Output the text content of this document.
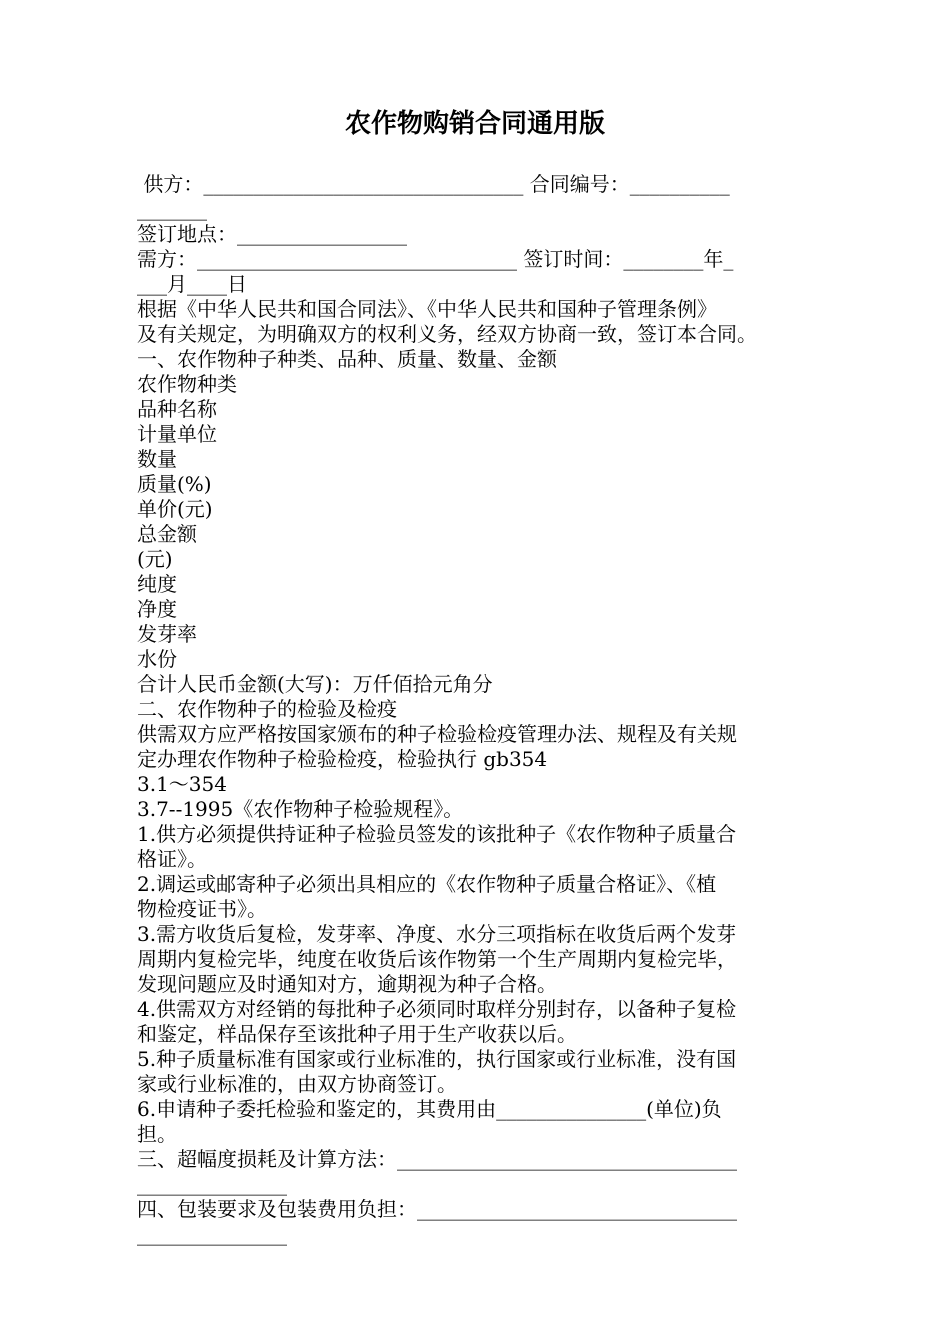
农作物购销合同通用版
供方：________________________________ 合同编号：__________
_______
签订地点：_________________
需方：________________________________ 签订时间：________年_
___月____日
根据《中华人民共和国合同法》、《中华人民共和国种子管理条例》
及有关规定，为明确双方的权利义务，经双方协商一致，签订本合同。
一、农作物种子种类、品种、质量、数量、金额
农作物种类
品种名称
计量单位
数量
质量(%)
单价(元)
总金额
(元)
纯度
净度
发芽率
水份
合计人民币金额(大写)：万仟佰拾元角分
二、农作物种子的检验及检疫
供需双方应严格按国家颁布的种子检验检疫管理办法、规程及有关规
定办理农作物种子检验检疫，检验执行 gb354
3.1～354
3.7--1995《农作物种子检验规程》。
1.供方必须提供持证种子检验员签发的该批种子《农作物种子质量合
格证》。
2.调运或邮寄种子必须出具相应的《农作物种子质量合格证》、《植
物检疫证书》。
3.需方收货后复检，发芽率、净度、水分三项指标在收货后两个发芽
周期内复检完毕，纯度在收货后该作物第一个生产周期内复检完毕，
发现问题应及时通知对方，逾期视为种子合格。
4.供需双方对经销的每批种子必须同时取样分别封存，以备种子复检
和鉴定，样品保存至该批种子用于生产收获以后。
5.种子质量标准有国家或行业标准的，执行国家或行业标准，没有国
家或行业标准的，由双方协商签订。
6.申请种子委托检验和鉴定的，其费用由_______________(单位)负
担。
三、超幅度损耗及计算方法：__________________________________
_______________
四、包装要求及包装费用负担：________________________________
_______________
